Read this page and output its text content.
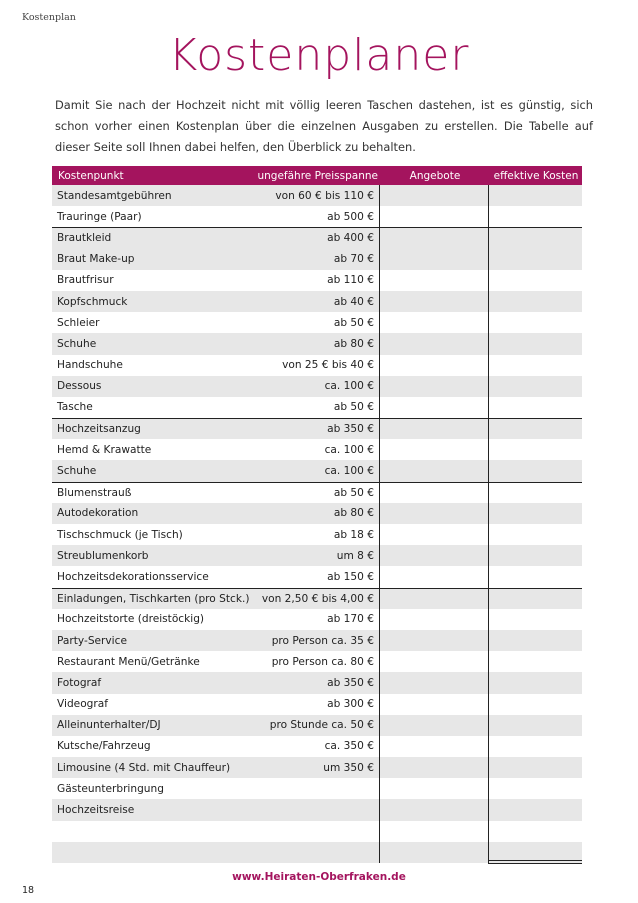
Kostenplan
Kostenplaner

Damit Sie nach der Hochzeit nicht mit völlig leeren Taschen dastehen, ist es günstig, sich schon vorher einen Kostenplan über die einzelnen Ausgaben zu erstellen. Die Tabelle auf dieser Seite soll Ihnen dabei helfen, den Überblick zu behalten.

Kostenpunkt	ungefähre Preisspanne	Angebote	effektive Kosten
Standesamtgebühren	von 60 € bis 110 €
Trauringe (Paar)	ab 500 €
Brautkleid	ab 400 €
Braut Make-up	ab 70 €
Brautfrisur	ab 110 €
Kopfschmuck	ab 40 €
Schleier	ab 50 €
Schuhe	ab 80 €
Handschuhe	von 25 € bis 40 €
Dessous	ca. 100 €
Tasche	ab 50 €
Hochzeitsanzug	ab 350 €
Hemd & Krawatte	ca. 100 €
Schuhe	ca. 100 €
Blumenstrauß	ab 50 €
Autodekoration	ab 80 €
Tischschmuck (je Tisch)	ab 18 €
Streublumenkorb	um 8 €
Hochzeitsdekorationsservice	ab 150 €
Einladungen, Tischkarten (pro Stck.)	von 2,50 € bis 4,00 €
Hochzeitstorte (dreistöckig)	ab 170 €
Party-Service	pro Person ca. 35 €
Restaurant Menü/Getränke	pro Person ca. 80 €
Fotograf	ab 350 €
Videograf	ab 300 €
Alleinunterhalter/DJ	pro Stunde ca. 50 €
Kutsche/Fahrzeug	ca. 350 €
Limousine (4 Std. mit Chauffeur)	um 350 €
Gästeunterbringung
Hochzeitsreise
www.Heiraten-Oberfraken.de
18
